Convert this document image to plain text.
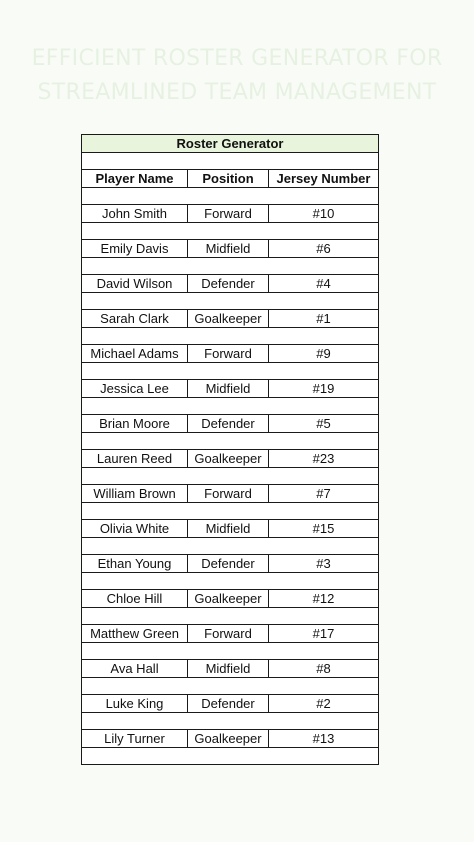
EFFICIENT ROSTER GENERATOR FOR STREAMLINED TEAM MANAGEMENT
Roster Generator		

Player Name	Position	Jersey Number

John Smith	Forward	#10

Emily Davis	Midfield	#6

David Wilson	Defender	#4

Sarah Clark	Goalkeeper	#1

Michael Adams	Forward	#9

Jessica Lee	Midfield	#19

Brian Moore	Defender	#5

Lauren Reed	Goalkeeper	#23

William Brown	Forward	#7

Olivia White	Midfield	#15

Ethan Young	Defender	#3

Chloe Hill	Goalkeeper	#12

Matthew Green	Forward	#17

Ava Hall	Midfield	#8

Luke King	Defender	#2

Lily Turner	Goalkeeper	#13
